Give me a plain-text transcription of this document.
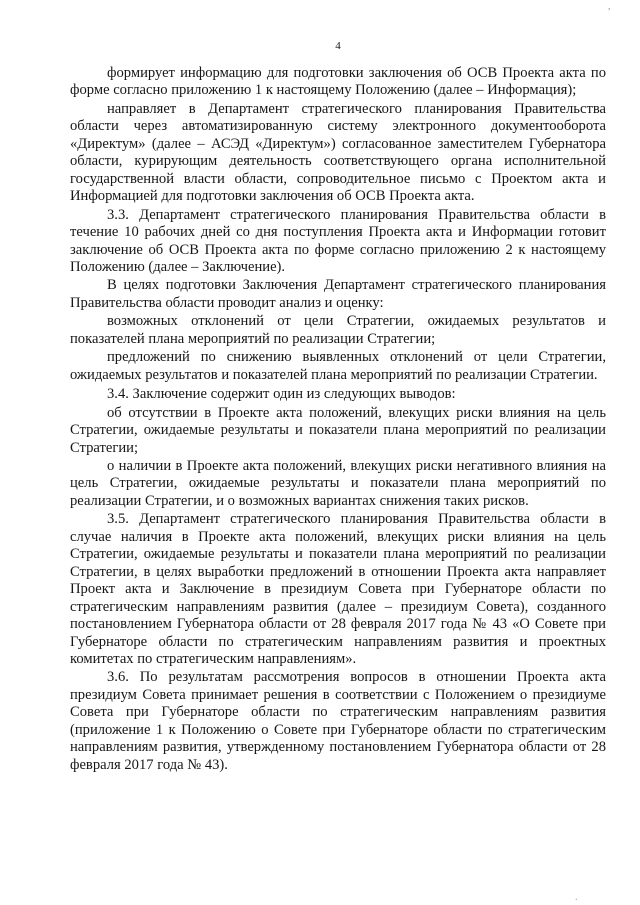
,
.
4

формирует информацию для подготовки заключения об ОСВ Проекта акта по форме согласно приложению 1 к настоящему Положению (далее – Информация);

направляет в Департамент стратегического планирования Правительства области через автоматизированную систему электронного документооборота «Директум» (далее – АСЭД «Директум») согласованное заместителем Губернатора области, курирующим деятельность соответствующего органа исполнительной государственной власти области, сопроводительное письмо с Проектом акта и Информацией для подготовки заключения об ОСВ Проекта акта.

3.3. Департамент стратегического планирования Правительства области в течение 10 рабочих дней со дня поступления Проекта акта и Информации готовит заключение об ОСВ Проекта акта по форме согласно приложению 2 к настоящему Положению (далее – Заключение).

В целях подготовки Заключения Департамент стратегического планирования Правительства области проводит анализ и оценку:

возможных отклонений от цели Стратегии, ожидаемых результатов и показателей плана мероприятий по реализации Стратегии;

предложений по снижению выявленных отклонений от цели Стратегии, ожидаемых результатов и показателей плана мероприятий по реализации Стратегии.

3.4. Заключение содержит один из следующих выводов:

об отсутствии в Проекте акта положений, влекущих риски влияния на цель Стратегии, ожидаемые результаты и показатели плана мероприятий по реализации Стратегии;

о наличии в Проекте акта положений, влекущих риски негативного влияния на цель Стратегии, ожидаемые результаты и показатели плана мероприятий по реализации Стратегии, и о возможных вариантах снижения таких рисков.

3.5. Департамент стратегического планирования Правительства области в случае наличия в Проекте акта положений, влекущих риски влияния на цель Стратегии, ожидаемые результаты и показатели плана мероприятий по реализации Стратегии, в целях выработки предложений в отношении Проекта акта направляет Проект акта и Заключение в президиум Совета при Губернаторе области по стратегическим направлениям развития (далее – президиум Совета), созданного постановлением Губернатора области от 28 февраля 2017 года № 43 «О Совете при Губернаторе области по стратегическим направлениям развития и проектных комитетах по стратегическим направлениям».

3.6. По результатам рассмотрения вопросов в отношении Проекта акта президиум Совета принимает решения в соответствии с Положением о президиуме Совета при Губернаторе области по стратегическим направлениям развития (приложение 1 к Положению о Совете при Губернаторе области по стратегическим направлениям развития, утвержденному постановлением Губернатора области от 28 февраля 2017 года № 43).
